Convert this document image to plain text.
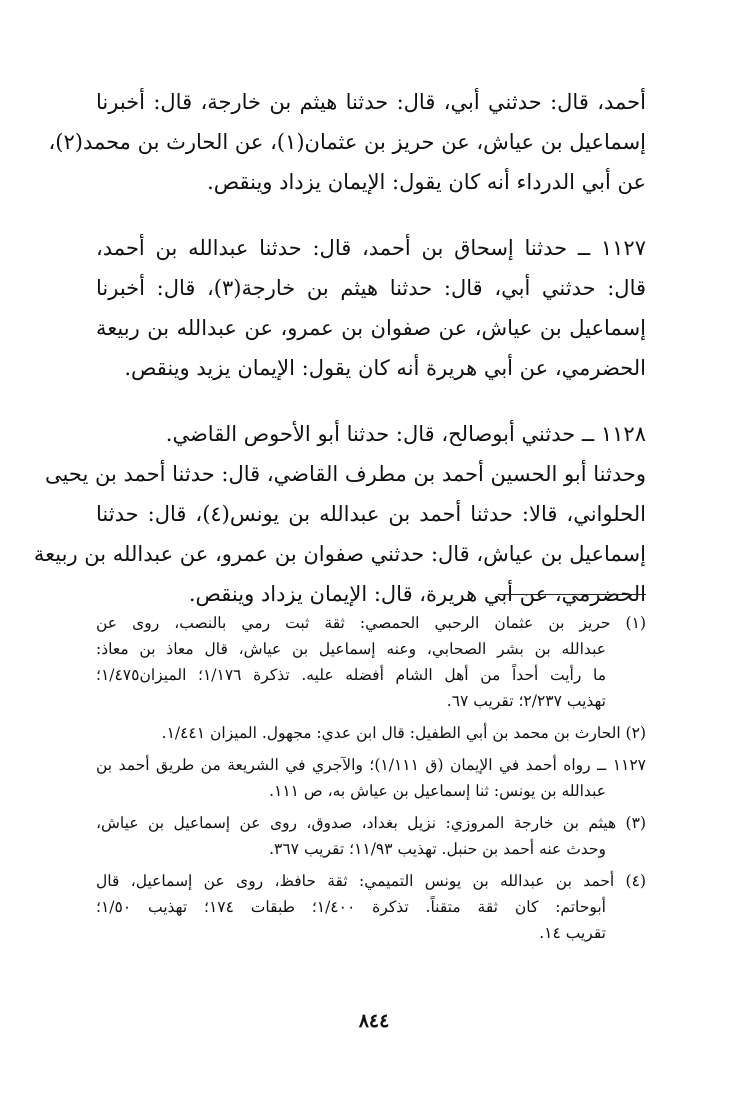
أحمد، قال: حدثني أبي، قال: حدثنا هيثم بن خارجة، قال: أخبرنا
إسماعيل بن عياش، عن حريز بن عثمان(١)، عن الحارث بن محمد(٢)،
عن أبي الدرداء أنه كان يقول: الإيمان يزداد وينقص.
١١٢٧ ــ حدثنا إسحاق بن أحمد، قال: حدثنا عبدالله بن أحمد،
قال: حدثني أبي، قال: حدثنا هيثم بن خارجة(٣)، قال: أخبرنا
إسماعيل بن عياش، عن صفوان بن عمرو، عن عبدالله بن ربيعة
الحضرمي، عن أبي هريرة أنه كان يقول: الإيمان يزيد وينقص.
١١٢٨ ــ حدثني أبوصالح، قال: حدثنا أبو الأحوص القاضي.
وحدثنا أبو الحسين أحمد بن مطرف القاضي، قال: حدثنا أحمد بن يحيى
الحلواني، قالا: حدثنا أحمد بن عبدالله بن يونس(٤)، قال: حدثنا
إسماعيل بن عياش، قال: حدثني صفوان بن عمرو، عن عبدالله بن ربيعة
الحضرمي، عن أبي هريرة، قال: الإيمان يزداد وينقص.
(١) حريز بن عثمان الرحبي الحمصي: ثقة ثبت رمي بالنصب، روى عن
عبدالله بن بشر الصحابي، وعنه إسماعيل بن عياش، قال معاذ بن معاذ:
ما رأيت أحداً من أهل الشام أفضله عليه. تذكرة ١/١٧٦؛ الميزان١/٤٧٥؛
تهذيب ٢/٢٣٧؛ تقريب ٦٧.
(٢) الحارث بن محمد بن أبي الطفيل: قال ابن عدي: مجهول. الميزان ١/٤٤١.
١١٢٧ ــ رواه أحمد في الإيمان (ق ١/١١١)؛ والآجري في الشريعة من طريق أحمد بن
عبدالله بن يونس: ثنا إسماعيل بن عياش به، ص ١١١.
(٣) هيثم بن خارجة المروزي: نزيل بغداد، صدوق، روى عن إسماعيل بن عياش،
وحدث عنه أحمد بن حنبل. تهذيب ١١/٩٣؛ تقريب ٣٦٧.
(٤) أحمد بن عبدالله بن يونس التميمي: ثقة حافظ، روى عن إسماعيل، قال
أبوحاتم: كان ثقة متقناً. تذكرة ١/٤٠٠؛ طبقات ١٧٤؛ تهذيب ١/٥٠؛
تقريب ١٤.
٨٤٤
